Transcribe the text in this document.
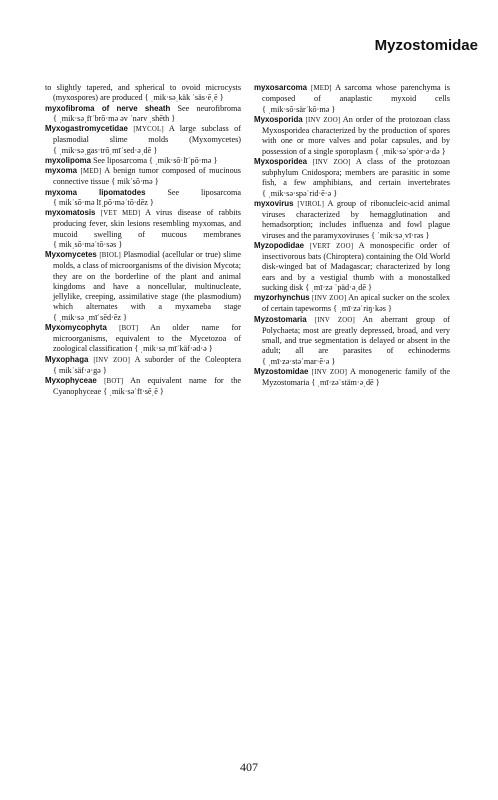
Myzostomidae

to slightly tapered, and spherical to ovoid microcysts (myxospores) are produced { ˌmik·səˌkäk ˈsäs·ēˌē }

myxofibroma of nerve sheath See neurofibroma { ˌmik·səˌfīˈbrō·mə əv ˈnərv ˌshēth }

Myxogastromycetidae [MYCOL] A large subclass of plasmodial slime molds (Myxomycetes) { ˌmik·səˌgas·trōˌmīˈsed·əˌdē }

myxolipoma See liposarcoma { ˌmik·sō·līˈpō·mə }

myxoma [MED] A benign tumor composed of mucinous connective tissue { mikˈsō·mə }

myxoma lipomatodes	See liposarcoma { mikˈsō·mə līˌpō·məˈtō·dēz }

myxomatosis [VET MED] A virus disease of rabbits producing fever, skin lesions resembling myxomas, and mucoid swelling of mucous membranes { mikˌsō·məˈtō·səs }

Myxomycetes [BIOL] Plasmodial (acellular or true) slime molds, a class of microorganisms of the division Mycota; they are on the borderline of the plant and animal kingdoms and have a noncellular, multinucleate, jellylike, creeping, assimilative stage (the plasmodium) which alternates with a myxameba stage { ˌmik·sə ˌmīˈsēd·ēz }

Myxomycophyta [BOT] An older name for microorganisms, equivalent to the Mycetozoa of zoological classification { ˌmik·səˌmīˈkäf·əd·ə }

Myxophaga [INV ZOO] A suborder of the Coleoptera { mikˈsäf·ə·gə }

Myxophyceae [BOT] An equivalent name for the Cyanophyceae { ˌmik·səˈfī·sēˌē }

myxosarcoma [MED] A sarcoma whose parenchyma is composed of anaplastic myxoid cells { ˌmik·sō·särˈkō·mə }

Myxosporida [INV ZOO] An order of the protozoan class Myxosporidea characterized by the production of spores with one or more valves and polar capsules, and by possession of a single sporoplasm { ˌmik·səˈspȯr·ə·də }

Myxosporidea [INV ZOO] A class of the protozoan subphylum Cnidospora; members are parasitic in some fish, a few amphibians, and certain invertebrates { ˌmik·sə·spəˈrid·ē·ə }

myxovirus [VIROL] A group of ribonucleic-acid animal viruses characterized by hemagglutination and hemadsorption; includes influenza and fowl plague viruses and the paramyxoviruses { ˈmik·səˌvī·rəs }

Myzopodidae [VERT ZOO] A monospecific order of insectivorous bats (Chiroptera) containing the Old World disk-winged bat of Madagascar; characterized by long ears and by a vestigial thumb with a monostalked sucking disk { ˌmī·zə ˈpäd·əˌdē }

myzorhynchus [INV ZOO] An apical sucker on the scolex of certain tapeworms { ˌmī·zəˈriŋ·kəs }

Myzostomaria [INV ZOO] An aberrant group of Polychaeta; most are greatly depressed, broad, and very small, and true segmentation is delayed or absent in the adult; all are parasites of echinoderms { ˌmī·zə·stəˈmar·ē·ə }

Myzostomidae [INV ZOO] A monogeneric family of the Myzostomaria { ˌmī·zəˈstäm·əˌdē }

407
